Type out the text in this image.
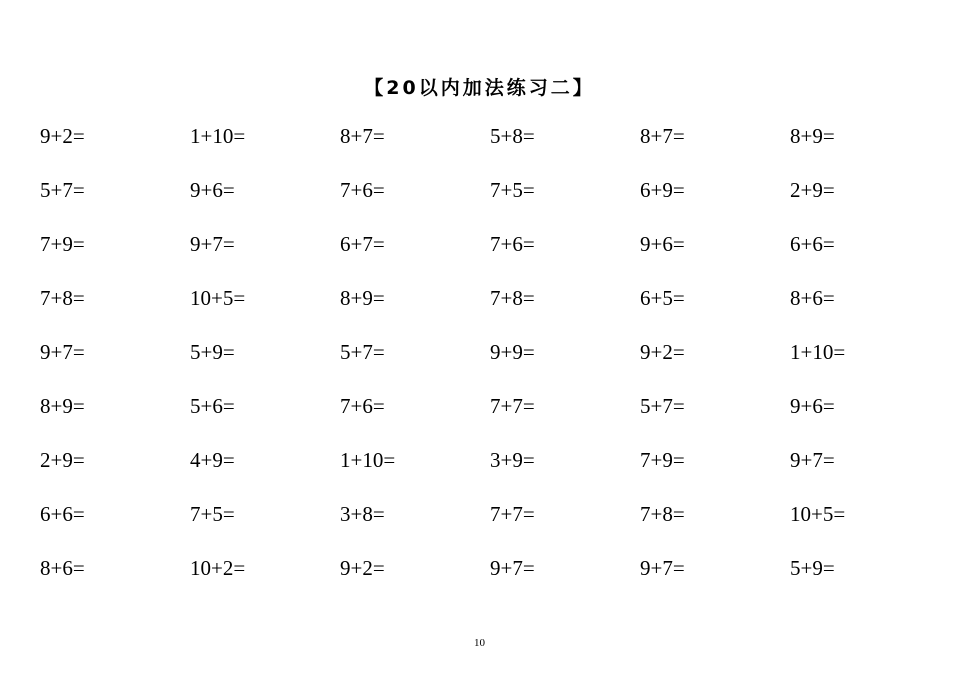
【20以内加法练习二】
9+2=	1+10=	8+7=	5+8=	8+7=	8+9=
5+7=	9+6=	7+6=	7+5=	6+9=	2+9=
7+9=	9+7=	6+7=	7+6=	9+6=	6+6=
7+8=	10+5=	8+9=	7+8=	6+5=	8+6=
9+7=	5+9=	5+7=	9+9=	9+2=	1+10=
8+9=	5+6=	7+6=	7+7=	5+7=	9+6=
2+9=	4+9=	1+10=	3+9=	7+9=	9+7=
6+6=	7+5=	3+8=	7+7=	7+8=	10+5=
8+6=	10+2=	9+2=	9+7=	9+7=	5+9=
10
